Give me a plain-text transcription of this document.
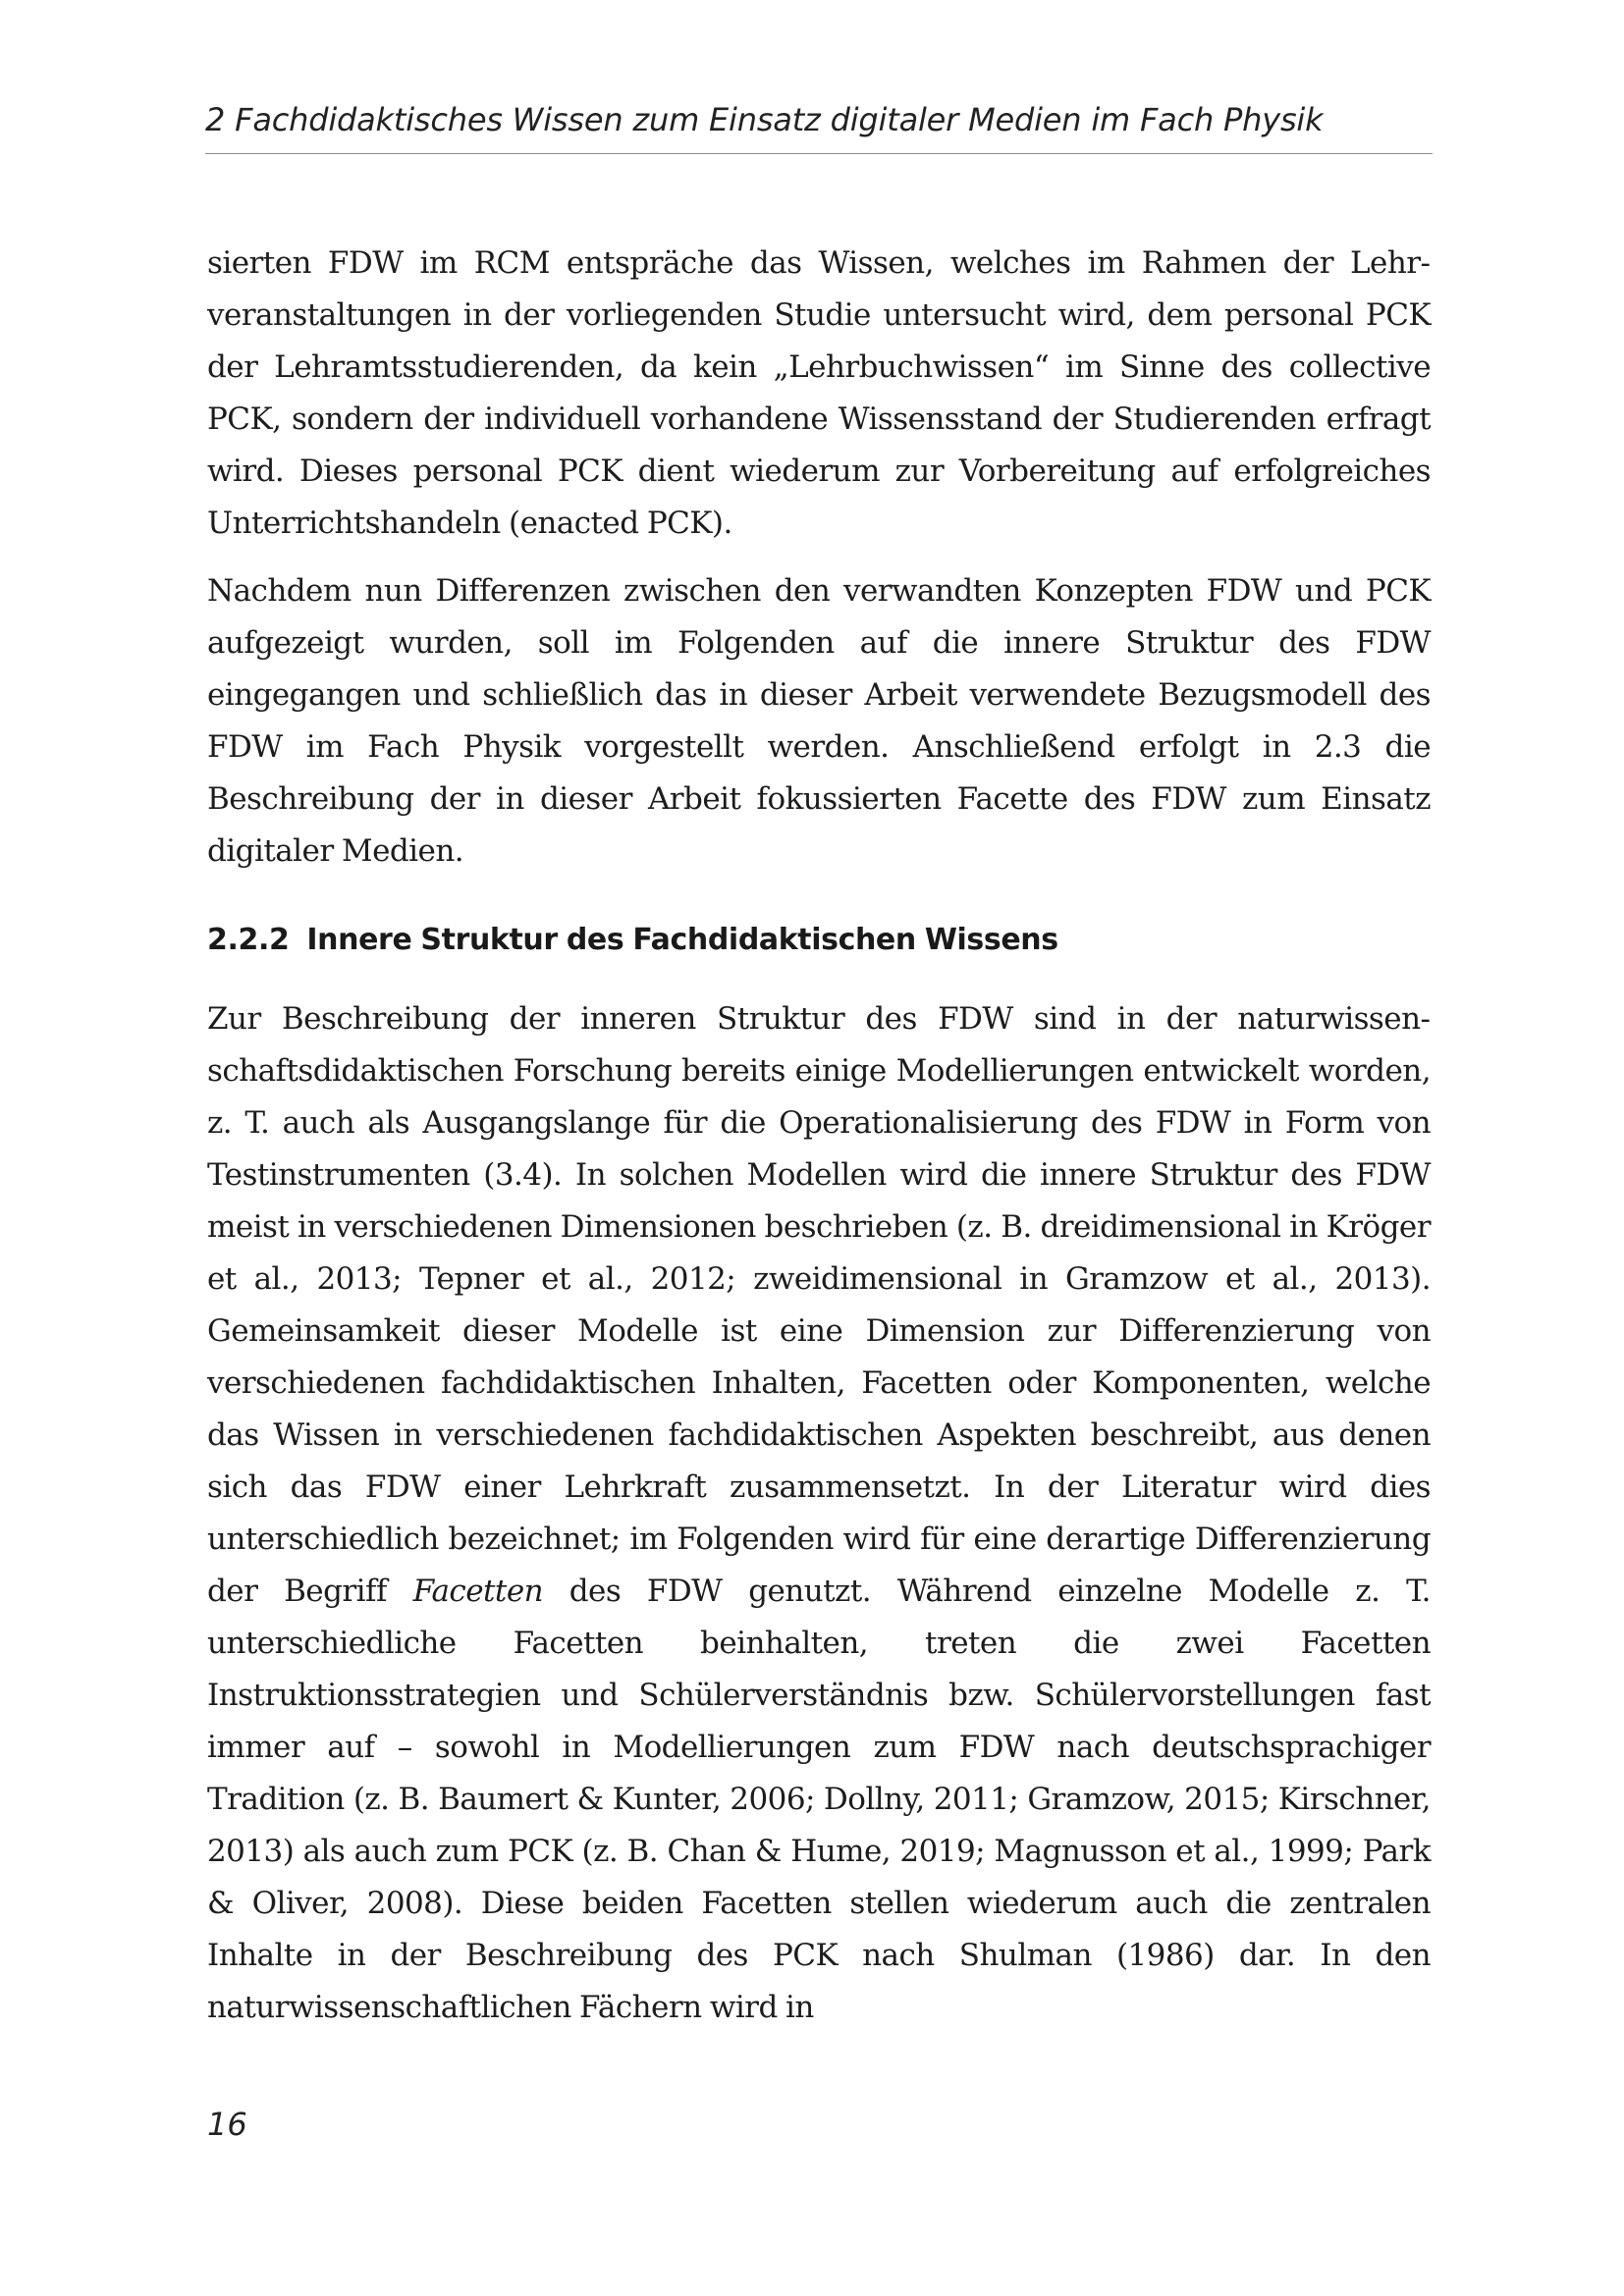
2 Fachdidaktisches Wissen zum Einsatz digitaler Medien im Fach Physik

sierten FDW im RCM entspräche das Wissen, welches im Rahmen der Lehrveranstaltungen in der vorliegenden Studie untersucht wird, dem personal PCK der Lehramtsstudierenden, da kein „Lehrbuchwissen“ im Sinne des collective PCK, sondern der individuell vorhandene Wissensstand der Studierenden erfragt wird. Dieses personal PCK dient wiederum zur Vorbereitung auf erfolgreiches Unterrichtshandeln (enacted PCK).

Nachdem nun Differenzen zwischen den verwandten Konzepten FDW und PCK aufgezeigt wurden, soll im Folgenden auf die innere Struktur des FDW eingegangen und schließlich das in dieser Arbeit verwendete Bezugsmodell des FDW im Fach Physik vorgestellt werden. Anschließend erfolgt in 2.3 die Beschreibung der in dieser Arbeit fokussierten Facette des FDW zum Einsatz digitaler Medien.

2.2.2 Innere Struktur des Fachdidaktischen Wissens

Zur Beschreibung der inneren Struktur des FDW sind in der naturwissenschaftsdidaktischen Forschung bereits einige Modellierungen entwickelt worden, z. T. auch als Ausgangslange für die Operationalisierung des FDW in Form von Testinstrumenten (3.4). In solchen Modellen wird die innere Struktur des FDW meist in verschiedenen Dimensionen beschrieben (z. B. dreidimensional in Kröger et al., 2013; Tepner et al., 2012; zweidimensional in Gramzow et al., 2013). Gemeinsamkeit dieser Modelle ist eine Dimension zur Differenzierung von verschiedenen fachdidaktischen Inhalten, Facetten oder Komponenten, welche das Wissen in verschiedenen fachdidaktischen Aspekten beschreibt, aus denen sich das FDW einer Lehrkraft zusammensetzt. In der Literatur wird dies unterschiedlich bezeichnet; im Folgenden wird für eine derartige Differenzierung der Begriff Facetten des FDW genutzt. Während einzelne Modelle z. T. unterschiedliche Facetten beinhalten, treten die zwei Facetten Instruktionsstrategien und Schülerverständnis bzw. Schülervorstellungen fast immer auf – sowohl in Modellierungen zum FDW nach deutschsprachiger Tradition (z. B. Baumert & Kunter, 2006; Dollny, 2011; Gramzow, 2015; Kirschner, 2013) als auch zum PCK (z. B. Chan & Hume, 2019; Magnusson et al., 1999; Park & Oliver, 2008). Diese beiden Facetten stellen wiederum auch die zentralen Inhalte in der Beschreibung des PCK nach Shulman (1986) dar. In den naturwissenschaftlichen Fächern wird in

16
